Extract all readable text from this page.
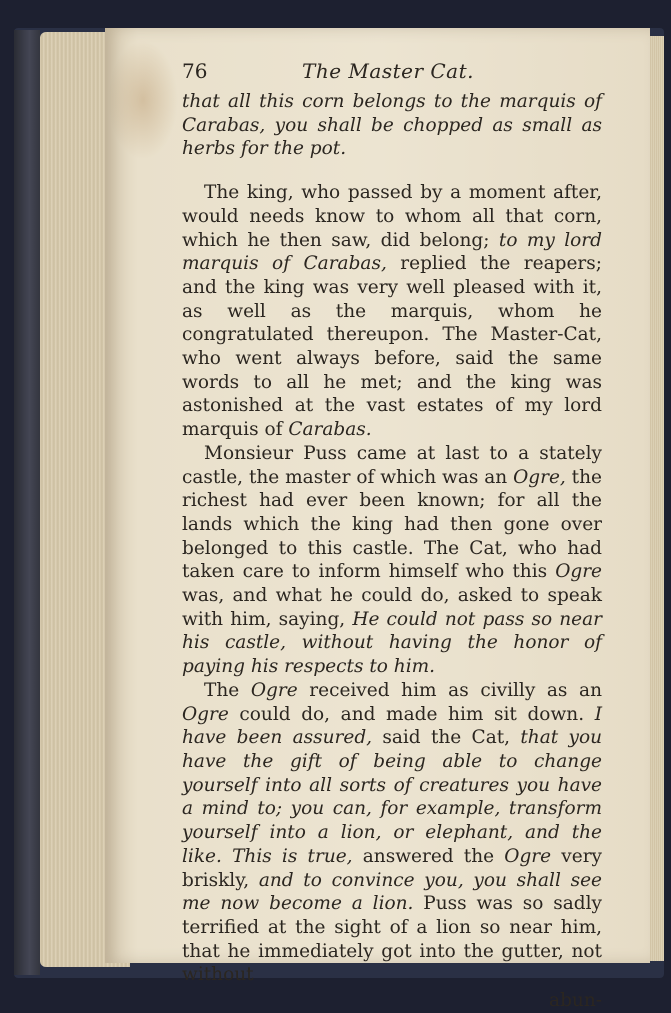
76	The Master Cat.

that all this corn belongs to the marquis of Carabas, you shall be chopped as small as herbs for the pot.

The king, who passed by a moment after, would needs know to whom all that corn, which he then saw, did belong; to my lord marquis of Carabas, replied the reapers; and the king was very well pleased with it, as well as the marquis, whom he congratulated thereupon. The Master-Cat, who went always before, said the same words to all he met; and the king was astonished at the vast estates of my lord marquis of Carabas.

Monsieur Puss came at last to a stately castle, the master of which was an Ogre, the richest had ever been known; for all the lands which the king had then gone over belonged to this castle. The Cat, who had taken care to inform himself who this Ogre was, and what he could do, asked to speak with him, saying, He could not pass so near his castle, without having the honor of paying his respects to him.

The Ogre received him as civilly as an Ogre could do, and made him sit down. I have been assured, said the Cat, that you have the gift of being able to change yourself into all sorts of creatures you have a mind to; you can, for example, transform yourself into a lion, or elephant, and the like. This is true, answered the Ogre very briskly, and to convince you, you shall see me now become a lion. Puss was so sadly terrified at the sight of a lion so near him, that he immediately got into the gutter, not without

abun-
